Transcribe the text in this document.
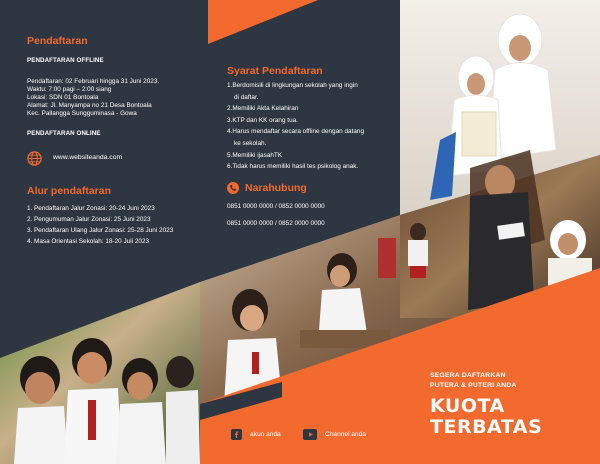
Pendaftaran
PENDAFTARAN OFFLINE
Pendaftaran: 02 Februari hingga 31 Juni 2023.
Waktu: 7:00 pagi – 2:00 siang
Lokasi: SDN 01 Bontoala
Alamat: Jl. Manyampa no 21 Desa Bontoala
Kec. Pallangga Sungguminasa - Gowa
PENDAFTARAN ONLINE
www.websiteanda.com
Alur pendaftaran
1. Pendaftaran Jalur Zonasi: 20-24 Juni 2023
2. Pengumuman Jalur Zonasi: 25 Juni 2023
3. Pendaftaran Ulang Jalur Zonasi: 25-28 Juni 2023
4. Masa Orientasi Sekolah: 18-20 Juli 2023
Syarat Pendaftaran
1.Berdomisili di lingkungan sekolah yang ingin
di daftar.
2.Memiliki Akta Kelahiran
3.KTP dan KK orang tua.
4.Harus mendaftar secara offline dengan datang
ke sekolah.
5.Memiliki ijasahTK
6.Tidak harus memiliki hasil tes psikolog anak.
Narahubung
0851 0000 0000 / 0852 0000 0000
0851 0000 0000 / 0852 0000 0000
SEGERA DAFTARKAN
PUTERA & PUTERI ANDA
KUOTA
TERBATAS
akun anda	Channel anda
